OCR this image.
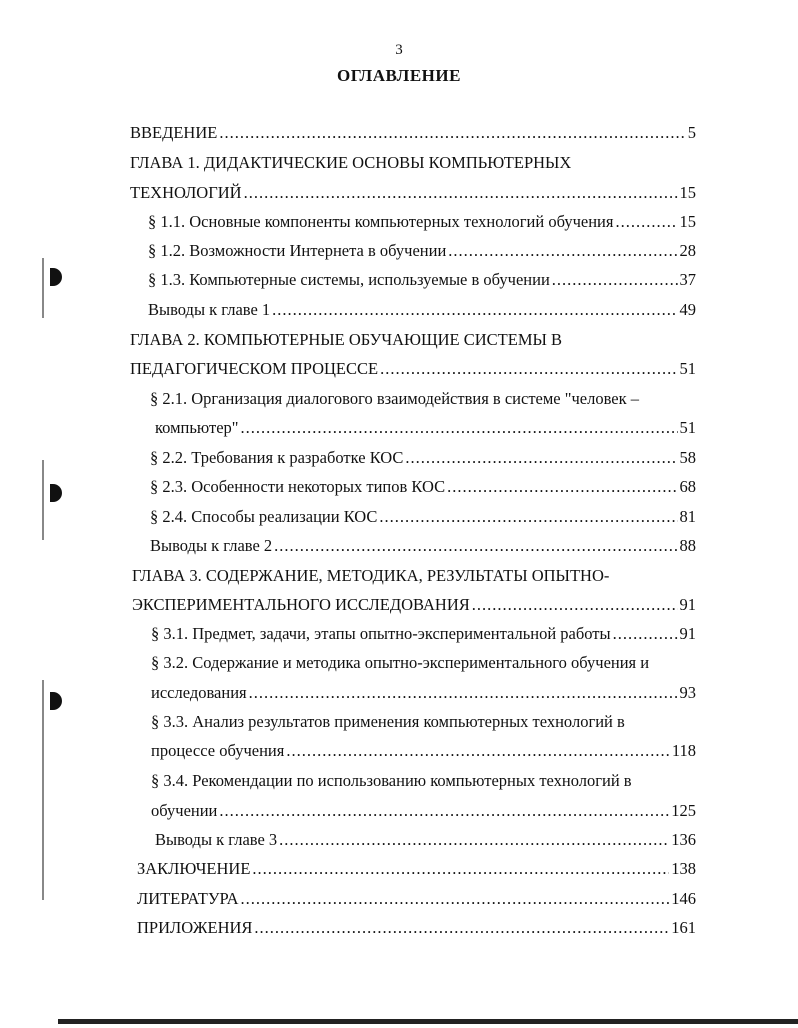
3
ОГЛАВЛЕНИЕ
ВВЕДЕНИЕ .....	5
ГЛАВА 1. ДИДАКТИЧЕСКИЕ ОСНОВЫ КОМПЬЮТЕРНЫХ
ТЕХНОЛОГИЙ .....	15
§ 1.1. Основные компоненты компьютерных технологий обучения .....	15
§ 1.2. Возможности Интернета в обучении .....	28
§ 1.3. Компьютерные системы, используемые в обучении .....	37
Выводы к главе 1 .....	49
ГЛАВА 2. КОМПЬЮТЕРНЫЕ ОБУЧАЮЩИЕ СИСТЕМЫ В
ПЕДАГОГИЧЕСКОМ ПРОЦЕССЕ .....	51
§ 2.1. Организация диалогового взаимодействия в системе "человек –
компьютер" .....	51
§ 2.2. Требования к разработке КОС .....	58
§ 2.3. Особенности некоторых типов КОС .....	68
§ 2.4. Способы реализации КОС .....	81
Выводы к главе 2 .....	88
ГЛАВА 3. СОДЕРЖАНИЕ, МЕТОДИКА, РЕЗУЛЬТАТЫ ОПЫТНО-
ЭКСПЕРИМЕНТАЛЬНОГО ИССЛЕДОВАНИЯ .....	91
§ 3.1. Предмет, задачи, этапы опытно-экспериментальной работы .....	91
§ 3.2. Содержание и методика опытно-экспериментального обучения и
исследования .....	93
§ 3.3. Анализ результатов применения компьютерных технологий в
процессе обучения .....	118
§ 3.4. Рекомендации по использованию компьютерных технологий в
обучении .....	125
Выводы к главе 3 .....	136
ЗАКЛЮЧЕНИЕ .....	138
ЛИТЕРАТУРА .....	146
ПРИЛОЖЕНИЯ .....	161
